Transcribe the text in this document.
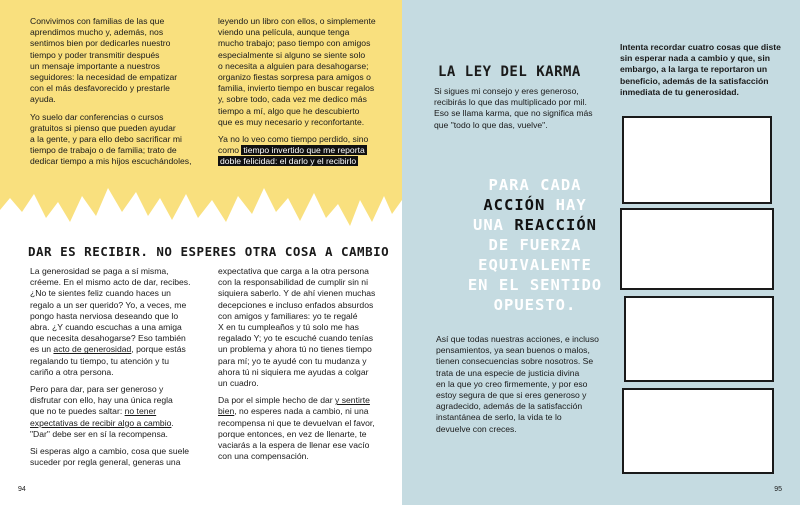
Convivimos con familias de las que
aprendimos mucho y, además, nos
sentimos bien por dedicarles nuestro
tiempo y poder transmitir después
un mensaje importante a nuestros
seguidores: la necesidad de empatizar
con el más desfavorecido y prestarle
ayuda.
Yo suelo dar conferencias o cursos
gratuitos si pienso que pueden ayudar
a la gente, y para ello debo sacrificar mi
tiempo de trabajo o de familia; trato de
dedicar tiempo a mis hijos escuchándoles,
leyendo un libro con ellos, o simplemente
viendo una película, aunque tenga
mucho trabajo; paso tiempo con amigos
especialmente si alguno se siente solo
o necesita a alguien para desahogarse;
organizo fiestas sorpresa para amigos o
familia, invierto tiempo en buscar regalos
y, sobre todo, cada vez me dedico más
tiempo a mí, algo que he descubierto
que es muy necesario y reconfortante.
Ya no lo veo como tiempo perdido, sino
como tiempo invertido que me reporta
doble felicidad: el darlo y el recibirlo
DAR ES RECIBIR. NO ESPERES OTRA COSA A CAMBIO
La generosidad se paga a sí misma,
créeme. En el mismo acto de dar, recibes.
¿No te sientes feliz cuando haces un
regalo a un ser querido? Yo, a veces, me
pongo hasta nerviosa deseando que lo
abra. ¿Y cuando escuchas a una amiga
que necesita desahogarse? Eso también
es un acto de generosidad, porque estás
regalando tu tiempo, tu atención y tu
cariño a otra persona.
Pero para dar, para ser generoso y
disfrutar con ello, hay una única regla
que no te puedes saltar: no tener
expectativas de recibir algo a cambio.
"Dar" debe ser en sí la recompensa.
Si esperas algo a cambio, cosa que suele
suceder por regla general, generas una
expectativa que carga a la otra persona
con la responsabilidad de cumplir sin ni
siquiera saberlo. Y de ahí vienen muchas
decepciones e incluso enfados absurdos
con amigos y familiares: yo te regalé
X en tu cumpleaños y tú solo me has
regalado Y; yo te escuché cuando tenías
un problema y ahora tú no tienes tiempo
para mí; yo te ayudé con tu mudanza y
ahora tú ni siquiera me ayudas a colgar
un cuadro.
Da por el simple hecho de dar y sentirte
bien, no esperes nada a cambio, ni una
recompensa ni que te devuelvan el favor,
porque entonces, en vez de llenarte, te
vaciarás a la espera de llenar ese vacío
con una compensación.
94
LA LEY DEL KARMA
Si sigues mi consejo y eres generoso,
recibirás lo que das multiplicado por mil.
Eso se llama karma, que no significa más
que "todo lo que das, vuelve".
Así que todas nuestras acciones, e incluso
pensamientos, ya sean buenos o malos,
tienen consecuencias sobre nosotros. Se
trata de una especie de justicia divina
en la que yo creo firmemente, y por eso
estoy segura de que si eres generoso y
agradecido, además de la satisfacción
instantánea de serlo, la vida te lo
devuelve con creces.
Intenta recordar cuatro cosas que diste
sin esperar nada a cambio y que, sin
embargo, a la larga te reportaron un
beneficio, además de la satisfacción
inmediata de tu generosidad.
95
PARA CADA
ACCIÓN HAY
UNA REACCIÓN
DE FUERZA
EQUIVALENTE
EN EL SENTIDO
OPUESTO.
